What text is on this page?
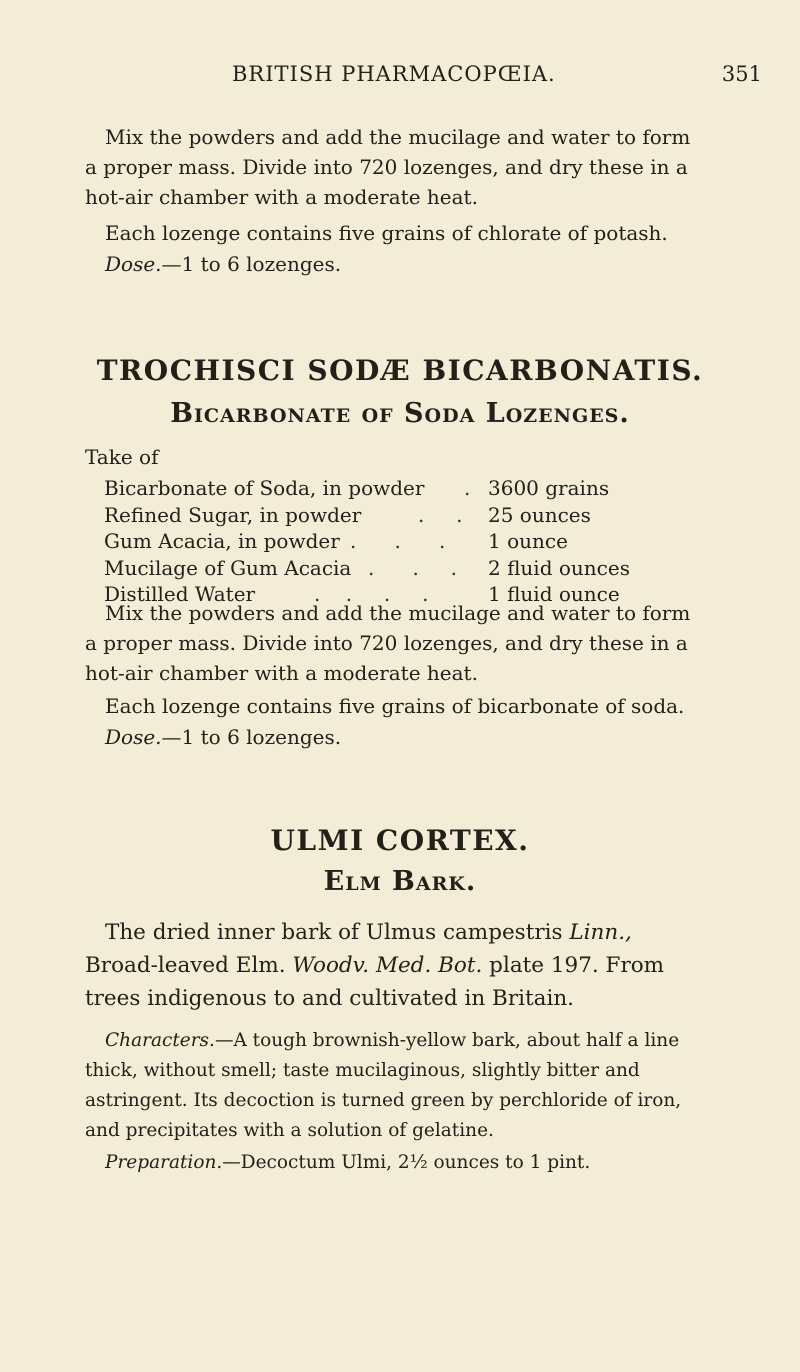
BRITISH PHARMACOPŒIA.	351

Mix the powders and add the mucilage and water to form a proper mass. Divide into 720 lozenges, and dry these in a hot-air chamber with a moderate heat.

Each lozenge contains five grains of chlorate of potash.

Dose.—1 to 6 lozenges.

TROCHISCI SODÆ BICARBONATIS.
Bicarbonate of Soda Lozenges.
Take of
Bicarbonate of Soda, in powder . 3600 grains
Refined Sugar, in powder	.     . 25 ounces
Gum Acacia, in powder .      .      . 1 ounce
Mucilage of Gum Acacia .      .     . 2 fluid ounces
Distilled Water	.    .     .     .	1 fluid ounce

Mix the powders and add the mucilage and water to form a proper mass. Divide into 720 lozenges, and dry these in a hot-air chamber with a moderate heat.

Each lozenge contains five grains of bicarbonate of soda.

Dose.—1 to 6 lozenges.

ULMI CORTEX.
Elm Bark.

The dried inner bark of Ulmus campestris Linn., Broad-leaved Elm. Woodv. Med. Bot. plate 197. From trees indigenous to and cultivated in Britain.

Characters.—A tough brownish-yellow bark, about half a line thick, without smell; taste mucilaginous, slightly bitter and astringent. Its decoction is turned green by perchloride of iron, and precipitates with a solution of gelatine.

Preparation.—Decoctum Ulmi, 2½ ounces to 1 pint.
